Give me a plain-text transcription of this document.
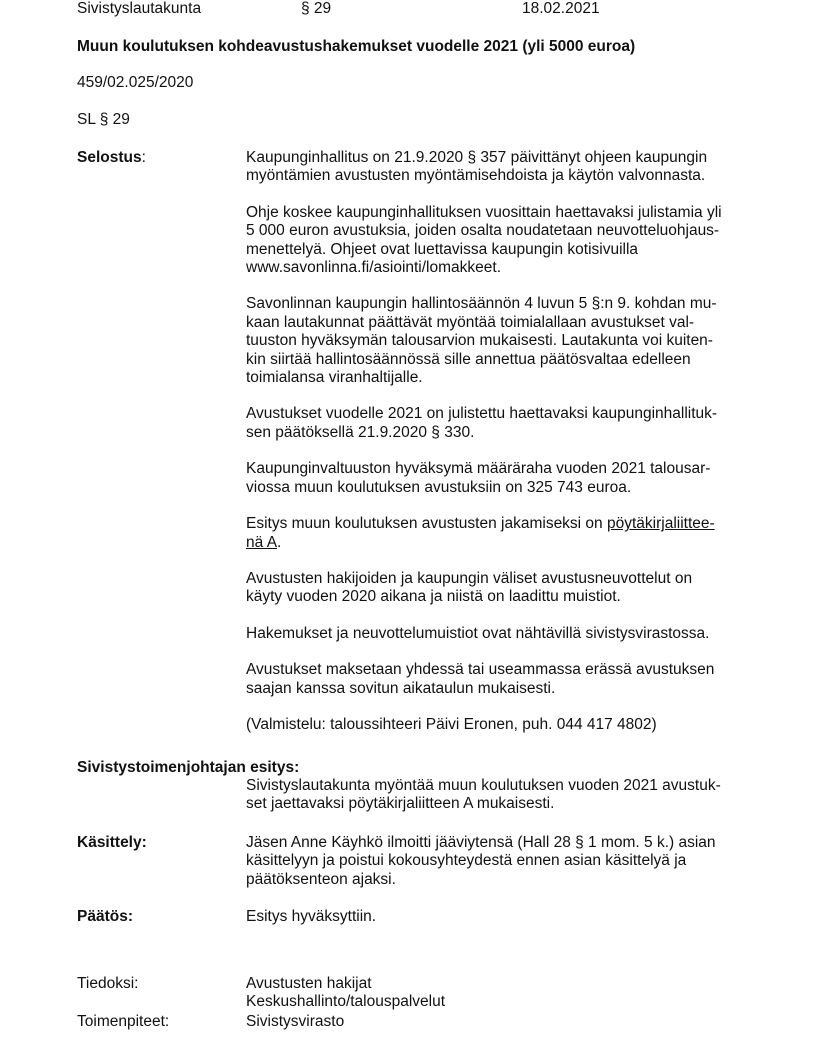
Sivistyslautakunta	§ 29	18.02.2021
Muun koulutuksen kohdeavustushakemukset vuodelle 2021 (yli 5000 euroa)
459/02.025/2020
SL § 29
Selostus:	Kaupunginhallitus on 21.9.2020 § 357 päivittänyt ohjeen kaupungin
myöntämien avustusten myöntämisehdoista ja käytön valvonnasta.

Ohje koskee kaupunginhallituksen vuosittain haettavaksi julistamia yli
5 000 euron avustuksia, joiden osalta noudatetaan neuvotteluohjaus-
menettelyä. Ohjeet ovat luettavissa kaupungin kotisivuilla
www.savonlinna.fi/asiointi/lomakkeet.

Savonlinnan kaupungin hallintosäännön 4 luvun 5 §:n 9. kohdan mu-
kaan lautakunnat päättävät myöntää toimialallaan avustukset val-
tuuston hyväksymän talousarvion mukaisesti. Lautakunta voi kuiten-
kin siirtää hallintosäännössä sille annettua päätösvaltaa edelleen
toimialansa viranhaltijalle.

Avustukset vuodelle 2021 on julistettu haettavaksi kaupunginhallituk-
sen päätöksellä 21.9.2020 § 330.

Kaupunginvaltuuston hyväksymä määräraha vuoden 2021 talousar-
viossa muun koulutuksen avustuksiin on 325 743 euroa.

Esitys muun koulutuksen avustusten jakamiseksi on pöytäkirjaliittee-
nä A.

Avustusten hakijoiden ja kaupungin väliset avustusneuvottelut on
käyty vuoden 2020 aikana ja niistä on laadittu muistiot.

Hakemukset ja neuvottelumuistiot ovat nähtävillä sivistysvirastossa.

Avustukset maksetaan yhdessä tai useammassa erässä avustuksen
saajan kanssa sovitun aikataulun mukaisesti.

(Valmistelu: taloussihteeri Päivi Eronen, puh. 044 417 4802)

Sivistystoimenjohtajan esitys:
Sivistyslautakunta myöntää muun koulutuksen vuoden 2021 avustuk-
set jaettavaksi pöytäkirjaliitteen A mukaisesti.
Käsittely:	Jäsen Anne Käyhkö ilmoitti jääviytensä (Hall 28 § 1 mom. 5 k.) asian
käsittelyyn ja poistui kokousyhteydestä ennen asian käsittelyä ja
päätöksenteon ajaksi.
Päätös:	Esitys hyväksyttiin.
Tiedoksi:	Avustusten hakijat
Keskushallinto/talouspalvelut
Toimenpiteet:	Sivistysvirasto
